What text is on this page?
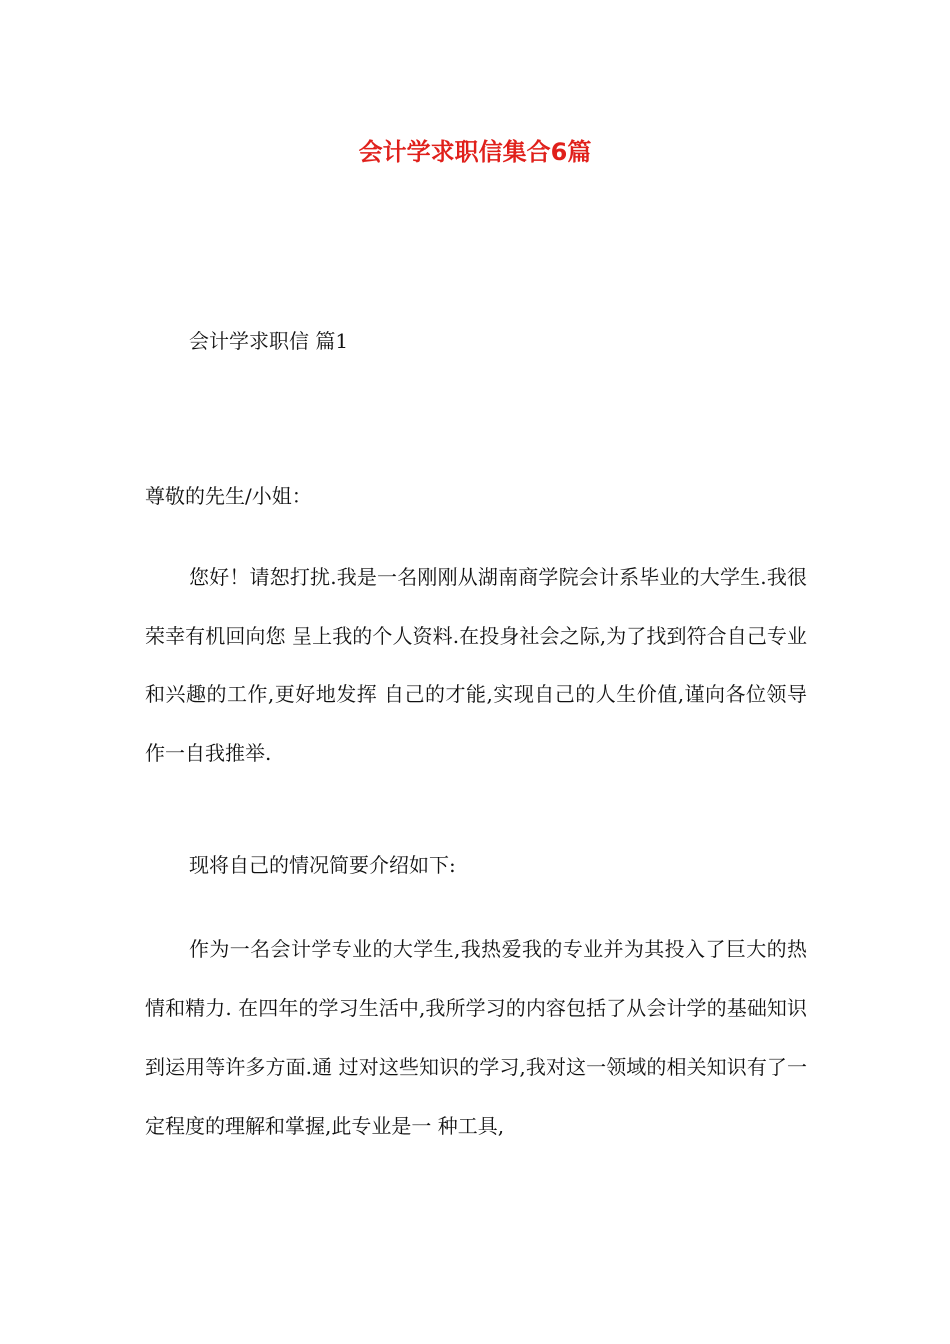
会计学求职信集合6篇

会计学求职信 篇1

尊敬的先生/小姐：

您好！请恕打扰.我是一名刚刚从湖南商学院会计系毕业的大学生.我很荣幸有机回向您 呈上我的个人资料.在投身社会之际,为了找到符合自己专业和兴趣的工作,更好地发挥 自己的才能,实现自己的人生价值,谨向各位领导作一自我推举.

现将自己的情况简要介绍如下:

作为一名会计学专业的大学生,我热爱我的专业并为其投入了巨大的热情和精力. 在四年的学习生活中,我所学习的内容包括了从会计学的基础知识到运用等许多方面.通 过对这些知识的学习,我对这一领域的相关知识有了一定程度的理解和掌握,此专业是一 种工具,
